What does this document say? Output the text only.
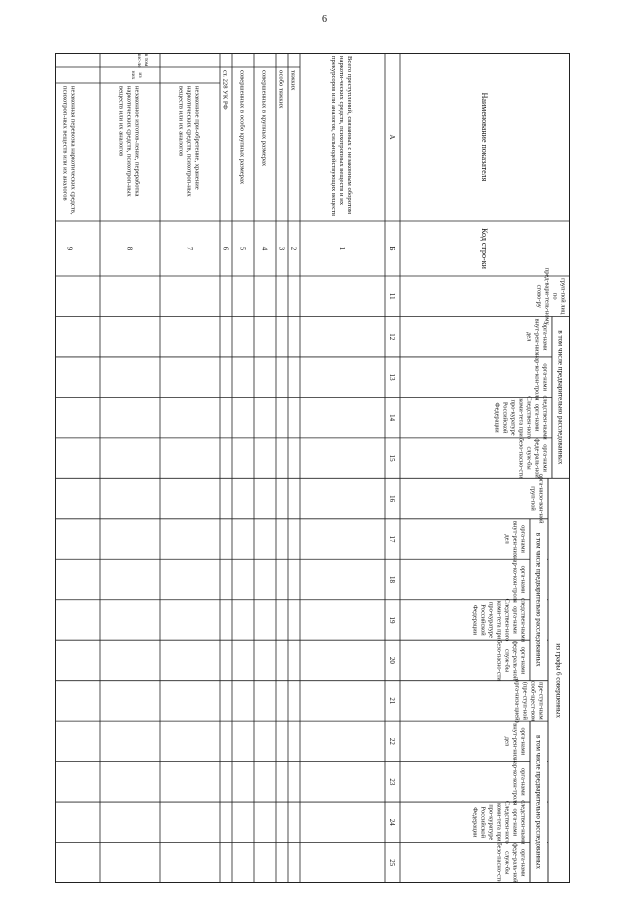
6
в том числе предварительно расследованных
из графы 6 совершенных
в том числе предварительно расследованных
в том числе предварительно расследованных
Наименование показателя
Код стро-ки
груп-пой лицпопред-вари-тель-номусгово-ру
орга-намивнут-рен-нихдел
орга-наминар-ко-кон-троля
следствен-нымиорга-намиСледствен-ногокоми-тета припро-куратуреРоссийскойФедерации
орга-намифеде-раль-нойслуж-быбезо-пасно-сти
орга-низо-ван-нойгруп-пой
орга-намивнут-рен-нихдел
орга-наминар-ко-кон-троля
следствен-нымиорга-намиСледствен-ногокоми-тета припро-куратуреРоссийскойФедерации
орга-намифеде-раль-нойслуж-быбезо-пасно-сти
пре-ступ-нымсооб-щест-вом(пре-ступ-нойорга-низа-цией)
орга-намивнут-рен-нихдел
орга-наминар-ко-кон-троля
следствен-нымиорга-намиСледствен-ногокоми-тета припро-куратуреРоссийскойФедерации
орга-намифеде-раль-нойслуж-быбезо-пасно-сти
А
Б
11
12
13
14
15
16
17
18
19
20
21
22
23
24
25
Всего преступлений, связанных с незаконным оборотомнаркоти-ческих средств, психотропных веществ и ихпрекурсоров или аналогов, сильнодействующих веществ
1
тяжких
2
особо тяжких
3
совершенных в крупных размерах
4
совершенных в особо крупных размерах
5
ст. 228 УК РФ
6
незаконное при-обретение, хранениенаркотических средств, психотроп-ныхвеществ или их аналогов
7
незаконное изготов-ление, переработканаркотических средств, психотроп-ныхвеществ или их аналогов
8
незаконная перевозка наркотических средств,психотроп-ных веществ или их аналогов
9
в томчис-ле
изних
